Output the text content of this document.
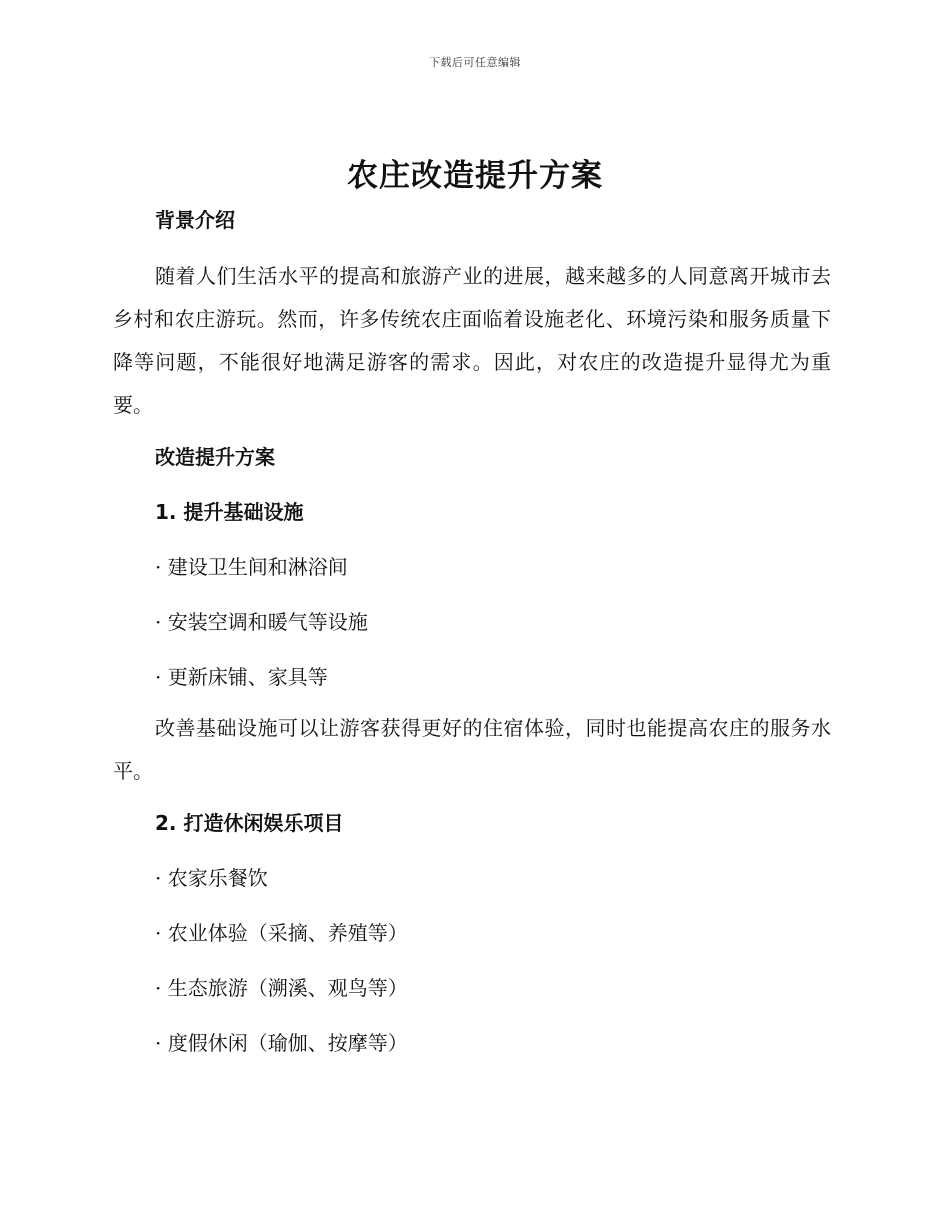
下载后可任意编辑
农庄改造提升方案

背景介绍

随着人们生活水平的提高和旅游产业的进展，越来越多的人同意离开城市去乡村和农庄游玩。然而，许多传统农庄面临着设施老化、环境污染和服务质量下降等问题，不能很好地满足游客的需求。因此，对农庄的改造提升显得尤为重要。

改造提升方案

1. 提升基础设施

· 建设卫生间和淋浴间

· 安装空调和暖气等设施

· 更新床铺、家具等

改善基础设施可以让游客获得更好的住宿体验，同时也能提高农庄的服务水平。

2. 打造休闲娱乐项目

· 农家乐餐饮

· 农业体验（采摘、养殖等）

· 生态旅游（溯溪、观鸟等）

· 度假休闲（瑜伽、按摩等）
